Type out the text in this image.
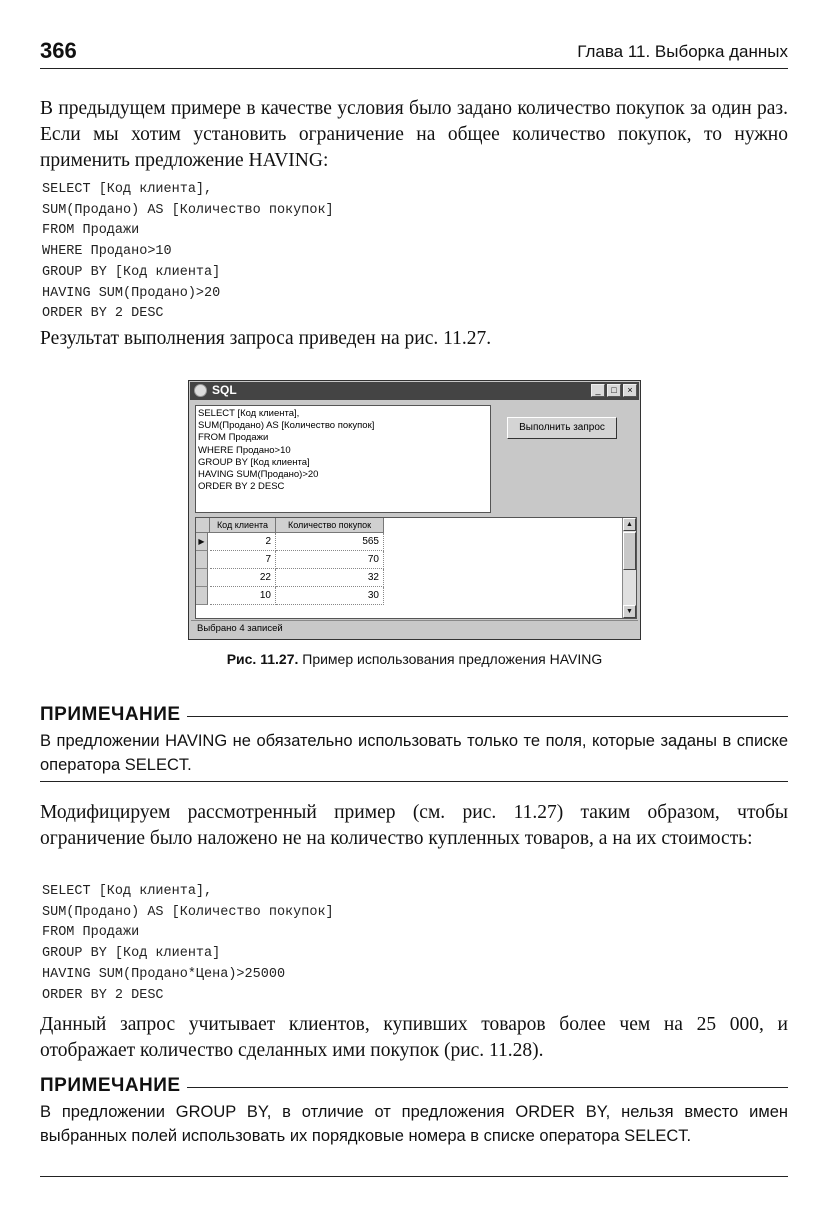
366	Глава 11. Выборка данных
В предыдущем примере в качестве условия было задано количество покупок за один раз. Если мы хотим установить ограничение на общее количество покупок, то нужно применить предложение HAVING:
SELECT [Код клиента],
SUM(Продано) AS [Количество покупок]
FROM Продажи
WHERE Продано>10
GROUP BY [Код клиента]
HAVING SUM(Продано)>20
ORDER BY 2 DESC
Результат выполнения запроса приведен на рис. 11.27.
SQL	_	□	×
SELECT [Код клиента],
SUM(Продано) AS [Количество покупок]
FROM Продажи
WHERE Продано>10
GROUP BY [Код клиента]
HAVING SUM(Продано)>20
ORDER BY 2 DESC
Выполнить запрос
Код клиента	Количество покупок
▶	2	565
7	70
22	32
10	30
▲
▼
Выбрано 4 записей
Рис. 11.27. Пример использования предложения HAVING
ПРИМЕЧАНИЕ
В предложении HAVING не обязательно использовать только те поля, которые заданы в списке оператора SELECT.
Модифицируем рассмотренный пример (см. рис. 11.27) таким образом, чтобы ограничение было наложено не на количество купленных товаров, а на их стоимость:
SELECT [Код клиента],
SUM(Продано) AS [Количество покупок]
FROM Продажи
GROUP BY [Код клиента]
HAVING SUM(Продано*Цена)>25000
ORDER BY 2 DESC
Данный запрос учитывает клиентов, купивших товаров более чем на 25 000, и отображает количество сделанных ими покупок (рис. 11.28).
ПРИМЕЧАНИЕ
В предложении GROUP BY, в отличие от предложения ORDER BY, нельзя вместо имен выбранных полей использовать их порядковые номера в списке оператора SELECT.
